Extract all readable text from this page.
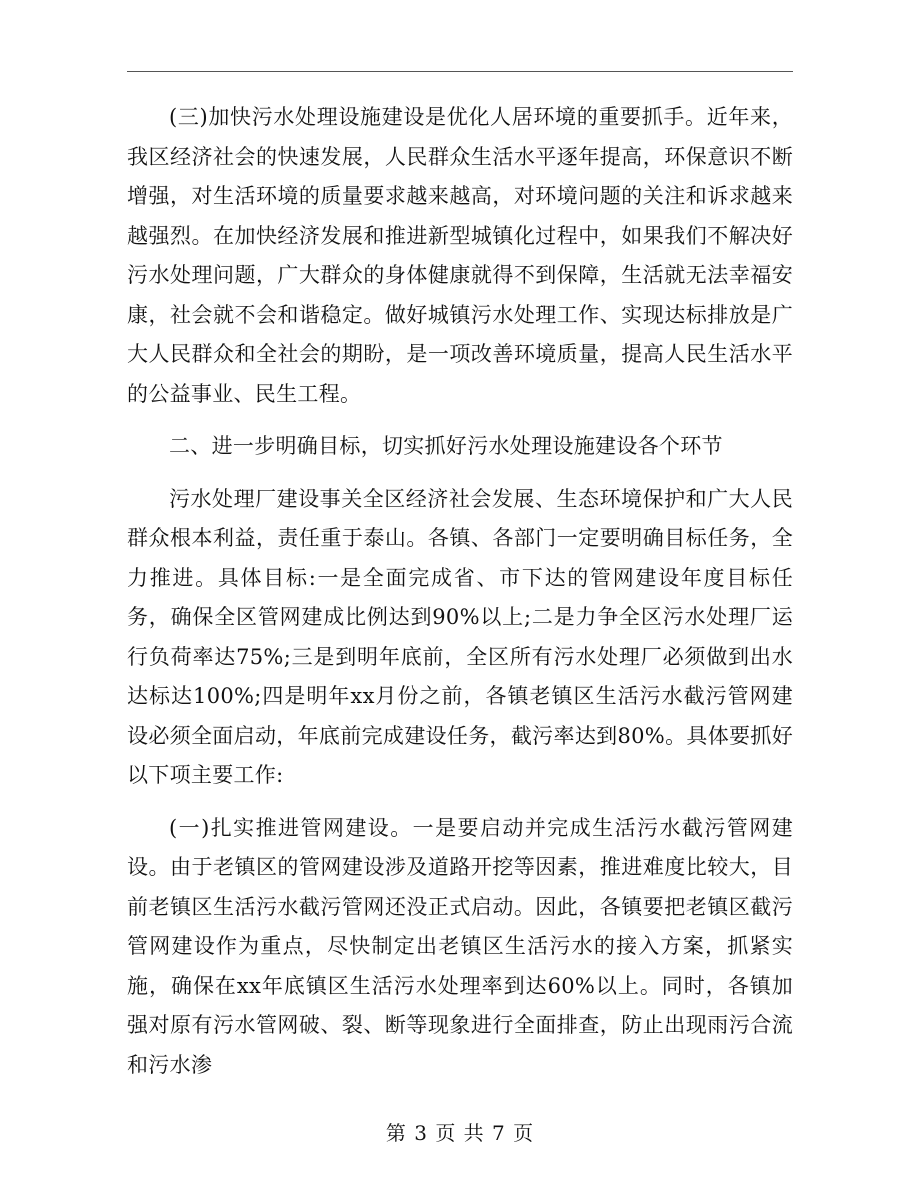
(三)加快污水处理设施建设是优化人居环境的重要抓手。近年来，我区经济社会的快速发展，人民群众生活水平逐年提高，环保意识不断增强，对生活环境的质量要求越来越高，对环境问题的关注和诉求越来越强烈。在加快经济发展和推进新型城镇化过程中，如果我们不解决好污水处理问题，广大群众的身体健康就得不到保障，生活就无法幸福安康，社会就不会和谐稳定。做好城镇污水处理工作、实现达标排放是广大人民群众和全社会的期盼，是一项改善环境质量，提高人民生活水平的公益事业、民生工程。

二、进一步明确目标，切实抓好污水处理设施建设各个环节

污水处理厂建设事关全区经济社会发展、生态环境保护和广大人民群众根本利益，责任重于泰山。各镇、各部门一定要明确目标任务，全力推进。具体目标:一是全面完成省、市下达的管网建设年度目标任务，确保全区管网建成比例达到90%以上;二是力争全区污水处理厂运行负荷率达75%;三是到明年底前，全区所有污水处理厂必须做到出水达标达100%;四是明年xx月份之前，各镇老镇区生活污水截污管网建设必须全面启动，年底前完成建设任务，截污率达到80%。具体要抓好以下项主要工作:

(一)扎实推进管网建设。一是要启动并完成生活污水截污管网建设。由于老镇区的管网建设涉及道路开挖等因素，推进难度比较大，目前老镇区生活污水截污管网还没正式启动。因此，各镇要把老镇区截污管网建设作为重点，尽快制定出老镇区生活污水的接入方案，抓紧实施，确保在xx年底镇区生活污水处理率到达60%以上。同时，各镇加强对原有污水管网破、裂、断等现象进行全面排查，防止出现雨污合流和污水渗

第 3 页 共 7 页
